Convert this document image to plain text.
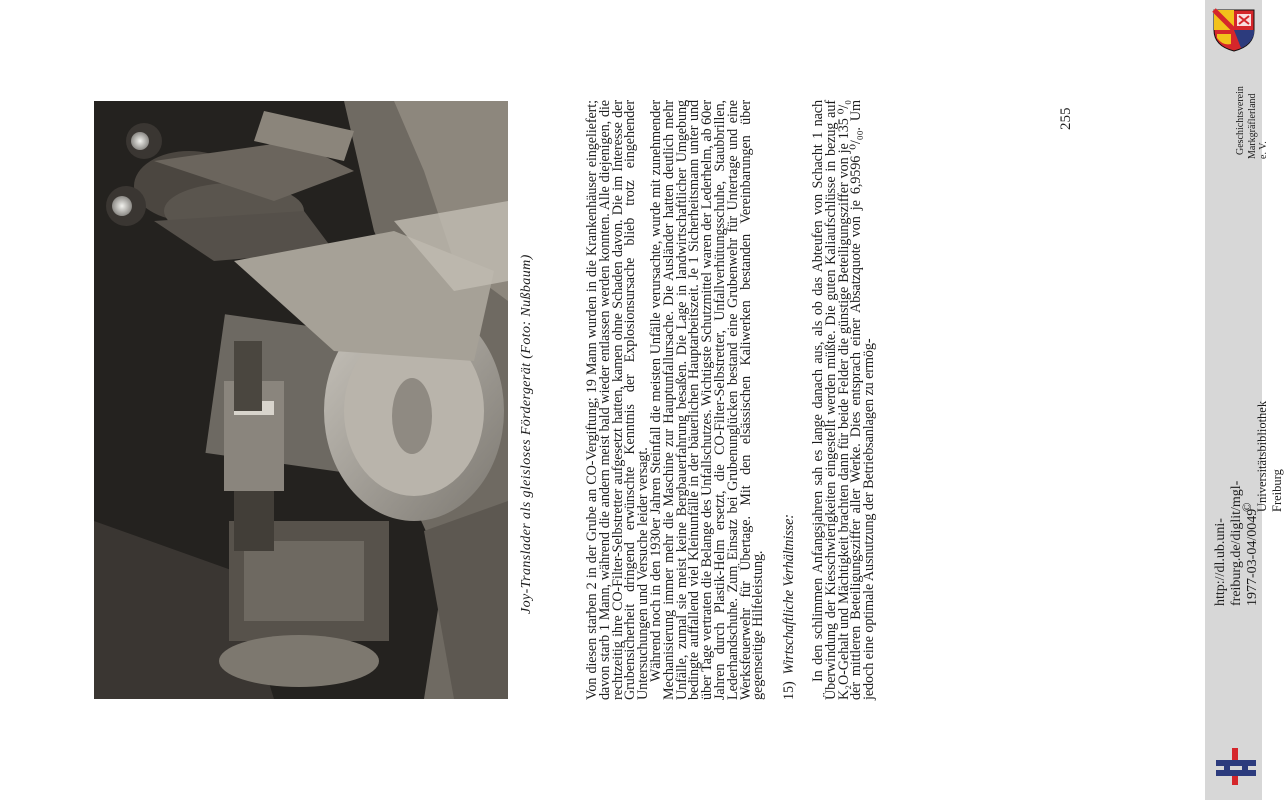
Joy-Translader als gleisloses Fördergerät (Foto: Nußbaum)	Von diesen starben 2 in der Grube an CO-Vergiftung; 19 Mann wurden in die Krankenhäuser eingeliefert; davon starb 1 Mann, während die andern meist bald wieder entlassen werden konnten. Alle diejenigen, die rechtzeitig ihre CO-Filter-Selbstretter aufgesetzt hatten, kamen ohne Schaden davon. Die im Interesse der Grubensicherheit dringend erwünschte Kenntnis der Explosionsursache blieb trotz eingehender Untersuchungen und Versuche leider versagt.

Während noch in den 1930er Jahren Steinfall die meisten Unfälle verursachte, wurde mit zunehmender Mechanisierung immer mehr die Maschine zur Hauptunfallursache. Die Ausländer hatten deutlich mehr Unfälle, zumal sie meist keine Bergbauerfahrung besaßen. Die Lage in landwirtschaftlicher Umgebung bedingte auffallend viel Kleinunfälle in der bäuerlichen Hauptarbeitszeit. Je 1 Sicherheitsmann unter und über Tage vertraten die Belange des Unfallschutzes. Wichtigste Schutzmittel waren der Lederhelm, ab 60er Jahren durch Plastik-Helm ersetzt, die CO-Filter-Selbstretter, Unfallverhütungsschuhe, Staubbrillen, Lederhandschuhe. Zum Einsatz bei Grubenunglücken bestand eine Grubenwehr für Untertage und eine Werksfeuerwehr für Übertage. Mit den elsässischen Kaliwerken bestanden Vereinbarungen über gegenseitige Hilfeleistung. 15)  Wirtschaftliche Verhältnisse: In den schlimmen Anfangsjahren sah es lange danach aus, als ob das Abteufen von Schacht 1 nach Überwindung der Kiesschwierigkeiten eingestellt werden müßte. Die guten Kaliaufschlüsse in bezug auf K₂O-Gehalt und Mächtigkeit brachten dann für beide Felder die günstige Beteiligungsziffer von je 135 ⁰/₀ der mittleren Beteiligungsziffer aller Werke. Dies entsprach einer Absatzquote von je 6,9596 ⁰/₀₀. Um jedoch eine optimale Ausnutzung der Betriebsanlagen zu ermög-

255	Geschichtsverein Markgräflerland e. V.
http://dl.ub.uni-freiburg.de/diglit/mgl-1977-03-04/0049
© Universitätsbibliothek Freiburg
